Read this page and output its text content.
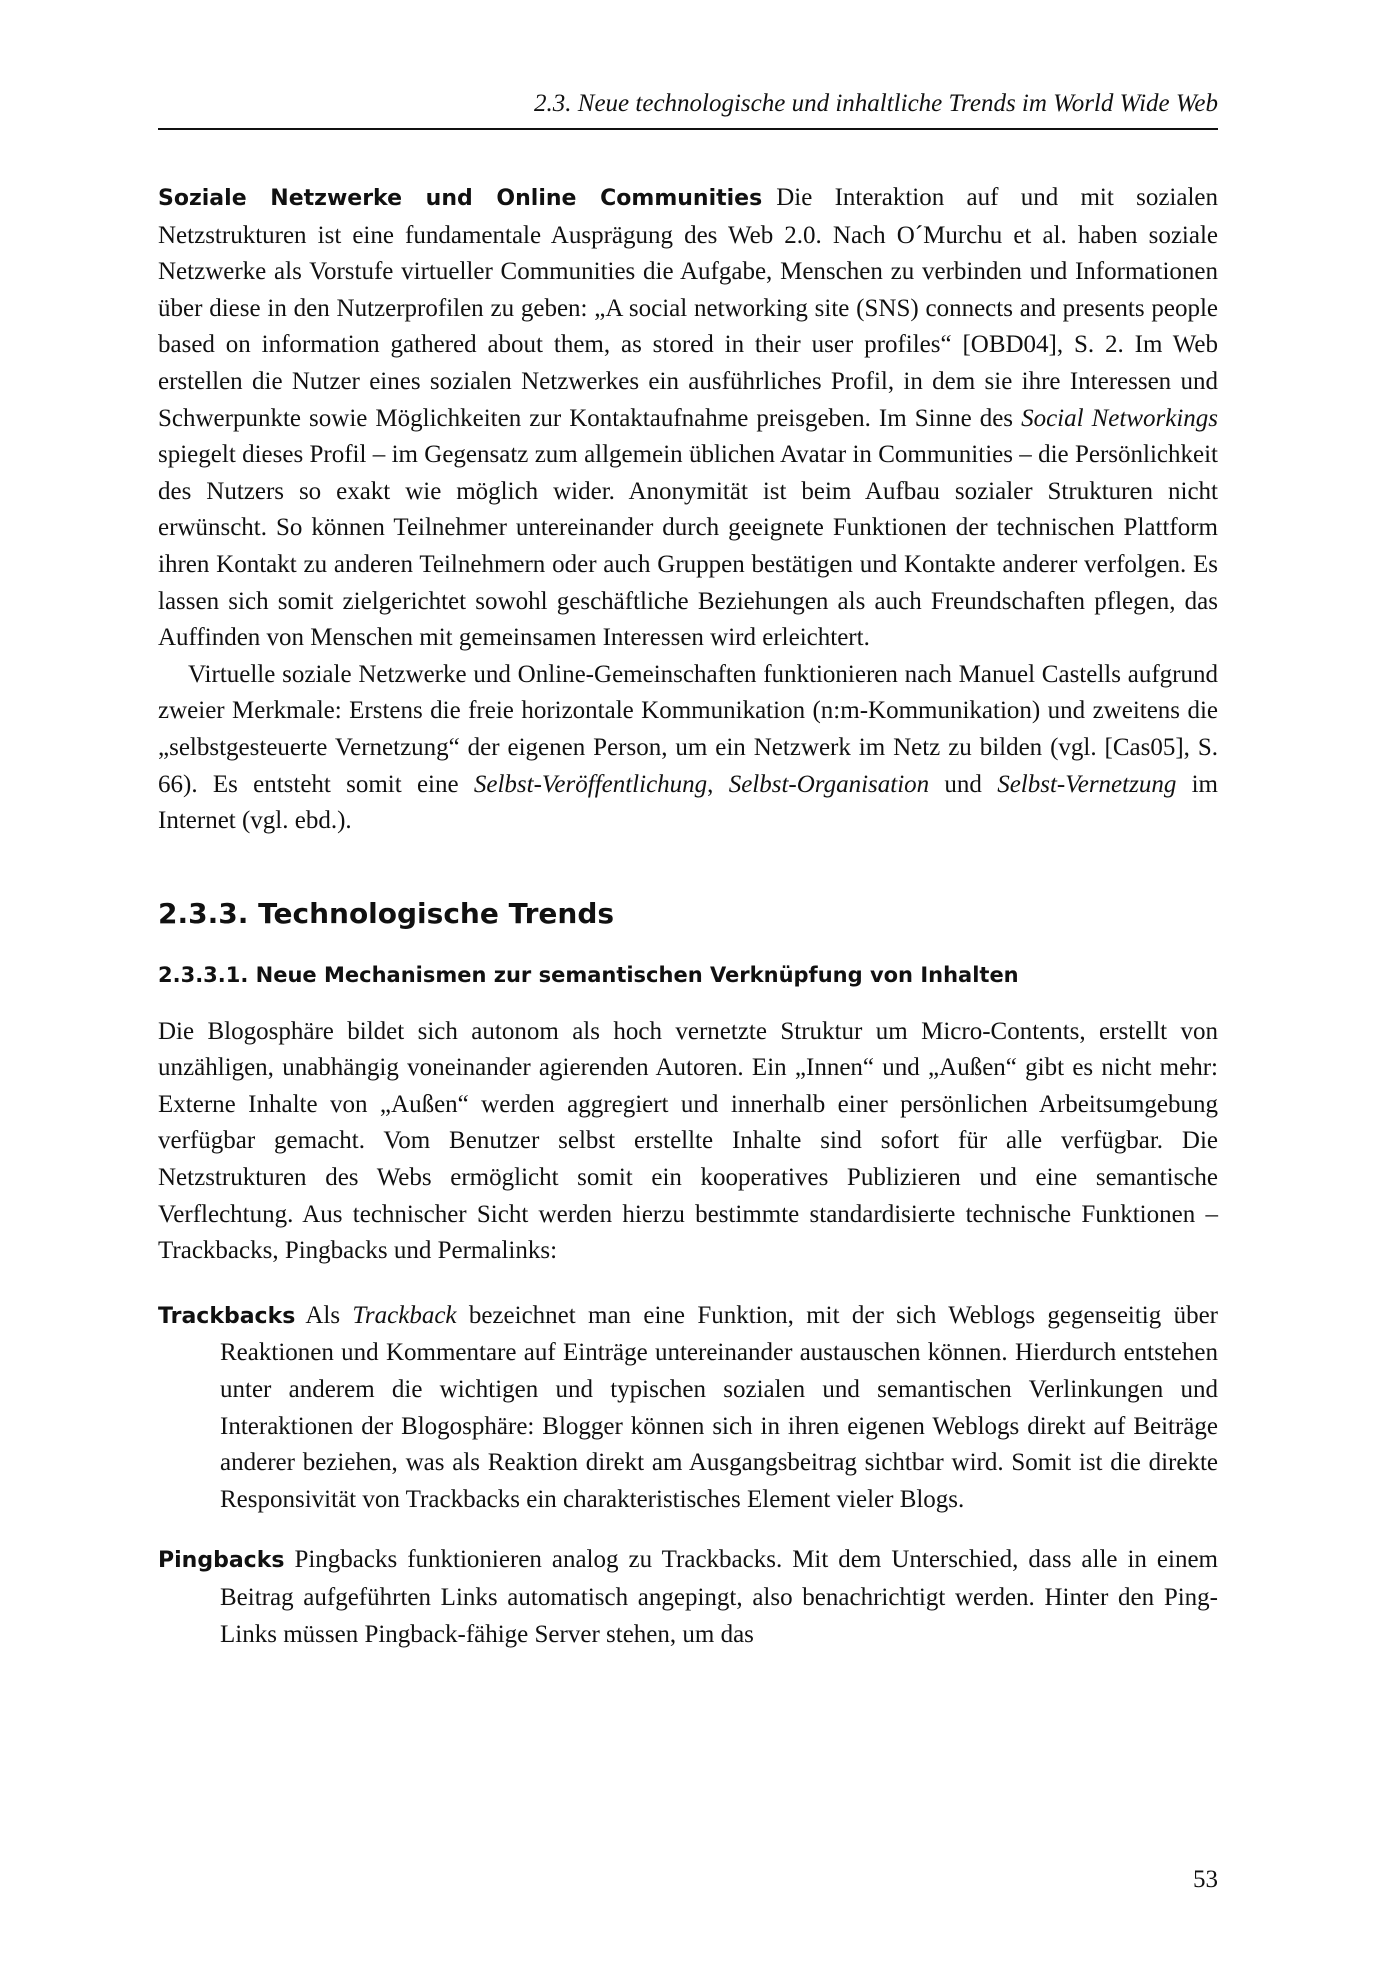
2.3. Neue technologische und inhaltliche Trends im World Wide Web

Soziale Netzwerke und Online Communities Die Interaktion auf und mit sozialen Netzstrukturen ist eine fundamentale Ausprägung des Web 2.0. Nach O´Murchu et al. haben soziale Netzwerke als Vorstufe virtueller Communities die Aufgabe, Menschen zu verbinden und Informationen über diese in den Nutzerprofilen zu geben: „A social networking site (SNS) connects and presents people based on information gathered about them, as stored in their user profiles“ [OBD04], S. 2. Im Web erstellen die Nutzer eines sozialen Netzwerkes ein ausführliches Profil, in dem sie ihre Interessen und Schwerpunkte sowie Möglichkeiten zur Kontaktaufnahme preisgeben. Im Sinne des Social Networkings spiegelt dieses Profil – im Gegensatz zum allgemein üblichen Avatar in Communities – die Persönlichkeit des Nutzers so exakt wie möglich wider. Anonymität ist beim Aufbau sozialer Strukturen nicht erwünscht. So können Teilnehmer untereinander durch geeignete Funktionen der technischen Plattform ihren Kontakt zu anderen Teilnehmern oder auch Gruppen bestätigen und Kontakte anderer verfolgen. Es lassen sich somit zielgerichtet sowohl geschäftliche Beziehungen als auch Freundschaften pflegen, das Auffinden von Menschen mit gemeinsamen Interessen wird erleichtert.

Virtuelle soziale Netzwerke und Online-Gemeinschaften funktionieren nach Manuel Castells aufgrund zweier Merkmale: Erstens die freie horizontale Kommunikation (n:m-Kommunikation) und zweitens die „selbstgesteuerte Vernetzung“ der eigenen Person, um ein Netzwerk im Netz zu bilden (vgl. [Cas05], S. 66). Es entsteht somit eine Selbst-Veröffentlichung, Selbst-Organisation und Selbst-Vernetzung im Internet (vgl. ebd.).

2.3.3. Technologische Trends
2.3.3.1. Neue Mechanismen zur semantischen Verknüpfung von Inhalten

Die Blogosphäre bildet sich autonom als hoch vernetzte Struktur um Micro-Contents, erstellt von unzähligen, unabhängig voneinander agierenden Autoren. Ein „Innen“ und „Außen“ gibt es nicht mehr: Externe Inhalte von „Außen“ werden aggregiert und innerhalb einer persönlichen Arbeitsumgebung verfügbar gemacht. Vom Benutzer selbst erstellte Inhalte sind sofort für alle verfügbar. Die Netzstrukturen des Webs ermöglicht somit ein kooperatives Publizieren und eine semantische Verflechtung. Aus technischer Sicht werden hierzu bestimmte standardisierte technische Funktionen – Trackbacks, Pingbacks und Permalinks:

Trackbacks Als Trackback bezeichnet man eine Funktion, mit der sich Weblogs gegenseitig über Reaktionen und Kommentare auf Einträge untereinander austauschen können. Hierdurch entstehen unter anderem die wichtigen und typischen sozialen und semantischen Verlinkungen und Interaktionen der Blogosphäre: Blogger können sich in ihren eigenen Weblogs direkt auf Beiträge anderer beziehen, was als Reaktion direkt am Ausgangsbeitrag sichtbar wird. Somit ist die direkte Responsivität von Trackbacks ein charakteristisches Element vieler Blogs.
Pingbacks Pingbacks funktionieren analog zu Trackbacks. Mit dem Unterschied, dass alle in einem Beitrag aufgeführten Links automatisch angepingt, also benachrichtigt werden. Hinter den Ping-Links müssen Pingback-fähige Server stehen, um das
53
